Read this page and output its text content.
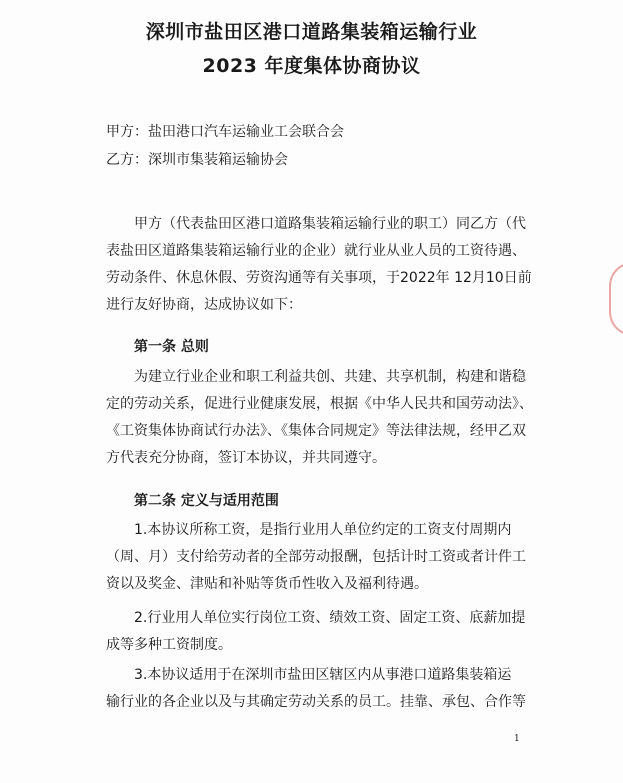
深圳市盐田区港口道路集装箱运输行业
2023 年度集体协商协议
甲方：盐田港口汽车运输业工会联合会
乙方：深圳市集装箱运输协会
甲方（代表盐田区港口道路集装箱运输行业的职工）同乙方（代
表盐田区道路集装箱运输行业的企业）就行业从业人员的工资待遇、
劳动条件、休息休假、劳资沟通等有关事项，于2022年 12月10日前
进行友好协商，达成协议如下：
第一条 总则
为建立行业企业和职工利益共创、共建、共享机制，构建和谐稳
定的劳动关系，促进行业健康发展，根据《中华人民共和国劳动法》、
《工资集体协商试行办法》、《集体合同规定》等法律法规，经甲乙双
方代表充分协商，签订本协议，并共同遵守。
第二条 定义与适用范围
1.本协议所称工资，是指行业用人单位约定的工资支付周期内
（周、月）支付给劳动者的全部劳动报酬，包括计时工资或者计件工
资以及奖金、津贴和补贴等货币性收入及福利待遇。
2.行业用人单位实行岗位工资、绩效工资、固定工资、底薪加提
成等多种工资制度。
3.本协议适用于在深圳市盐田区辖区内从事港口道路集装箱运
输行业的各企业以及与其确定劳动关系的员工。挂靠、承包、合作等
1
